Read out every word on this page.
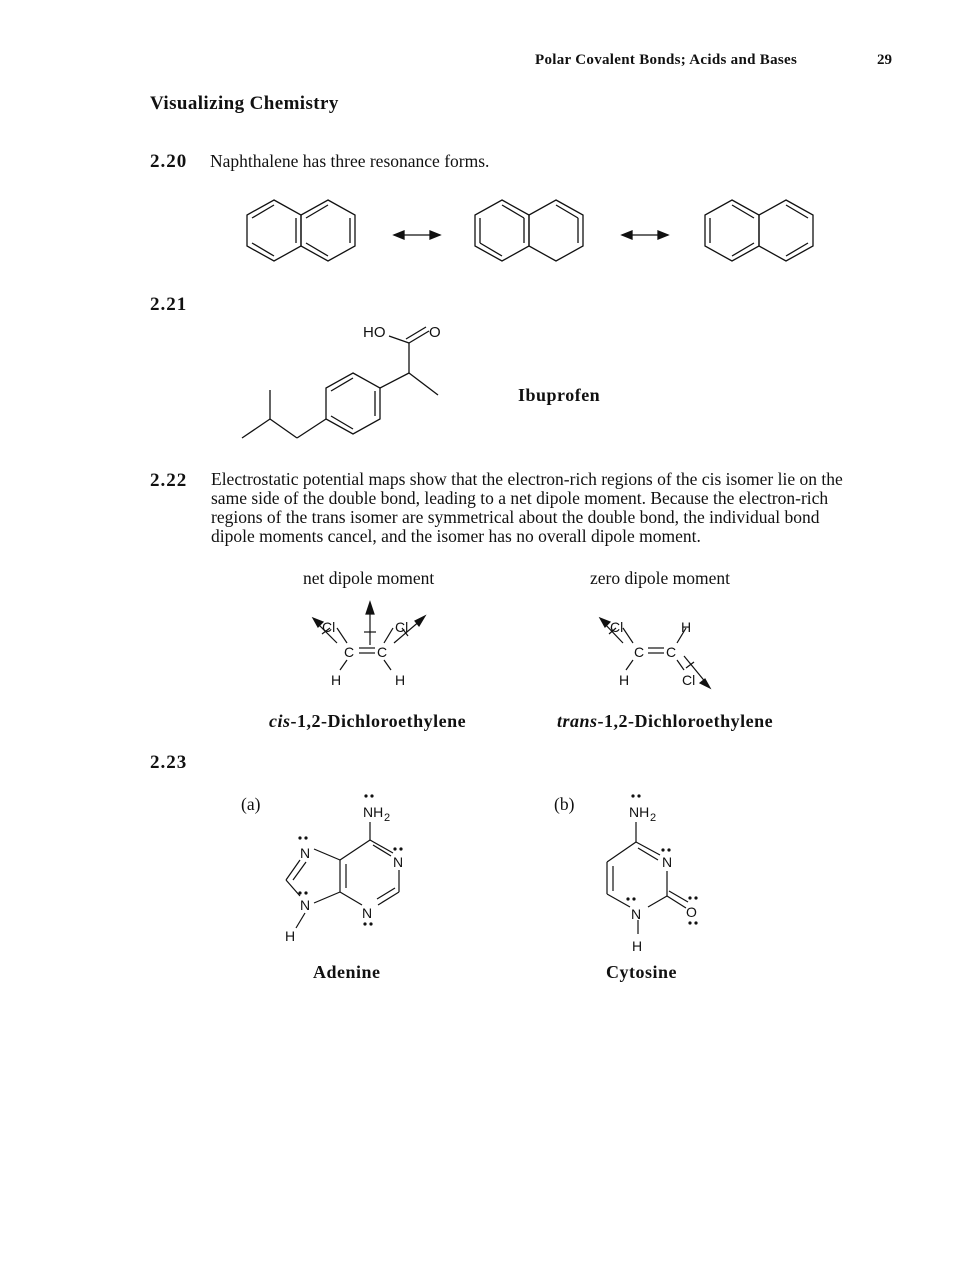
Polar Covalent Bonds; Acids and Bases	29
Visualizing Chemistry
2.20 Naphthalene has three resonance forms.
2.21
HO	O
Ibuprofen
2.22 Electrostatic potential maps show that the electron-rich regions of the cis isomer lie on the
same side of the double bond, leading to a net dipole moment. Because the electron-rich
regions of the trans isomer are symmetrical about the double bond, the individual bond
dipole moments cancel, and the isomer has no overall dipole moment.
net dipole moment	zero dipole moment
Cl	Cl
C C
H	H
Cl	H
C C
H	Cl
cis-1,2-Dichloroethylene	trans-1,2-Dichloroethylene
2.23
(a)	(b)
NH 2
N
N
N
N
H
Adenine
NH 2
N
N	O
H
Cytosine
